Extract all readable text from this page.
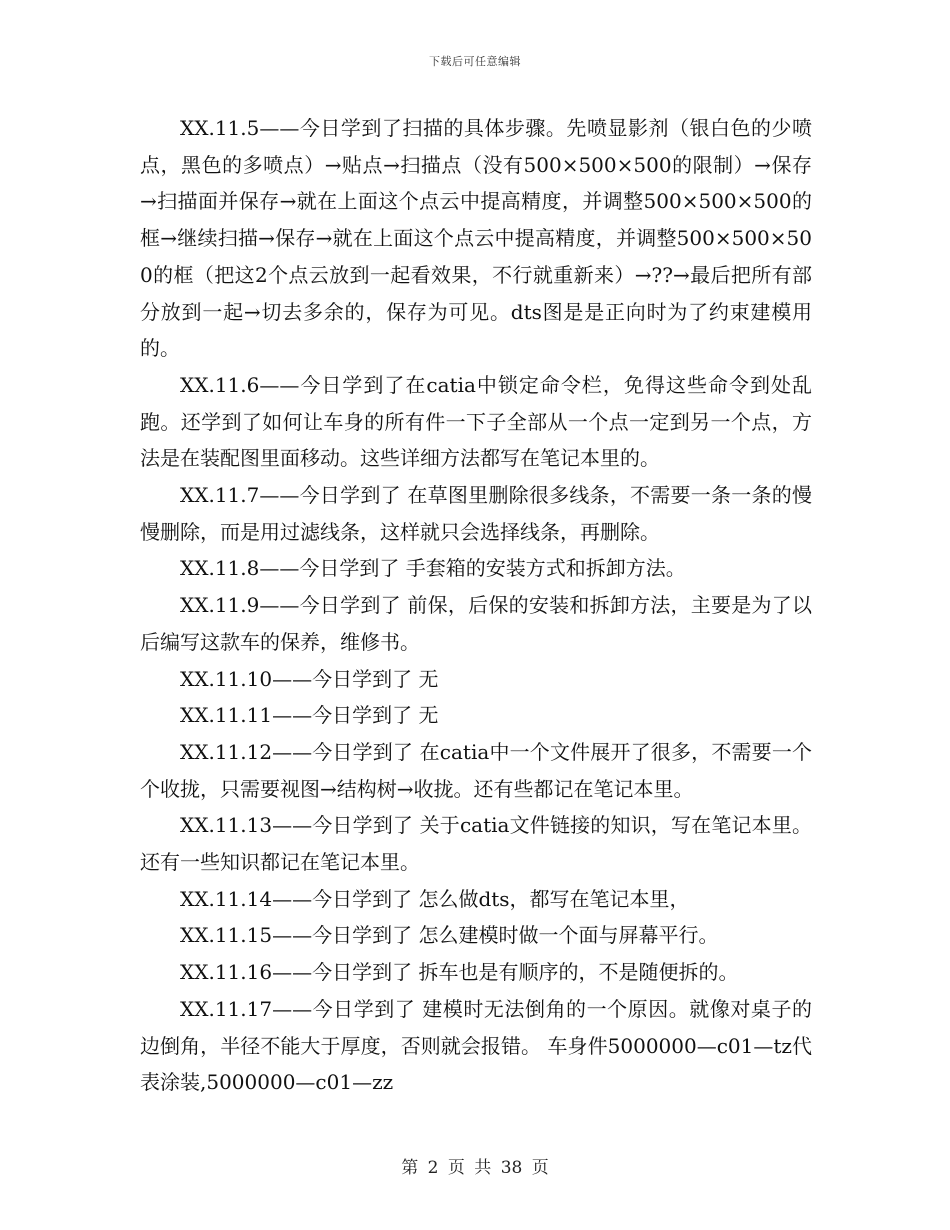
下载后可任意编辑

XX.11.5——今日学到了扫描的具体步骤。先喷显影剂（银白色的少喷点，黑色的多喷点）→贴点→扫描点（没有500×500×500的限制）→保存→扫描面并保存→就在上面这个点云中提高精度，并调整500×500×500的框→继续扫描→保存→就在上面这个点云中提高精度，并调整500×500×500的框（把这2个点云放到一起看效果，不行就重新来）→??→最后把所有部分放到一起→切去多余的，保存为可见。dts图是是正向时为了约束建模用的。

XX.11.6——今日学到了在catia中锁定命令栏，免得这些命令到处乱跑。还学到了如何让车身的所有件一下子全部从一个点一定到另一个点，方法是在装配图里面移动。这些详细方法都写在笔记本里的。

XX.11.7——今日学到了 在草图里删除很多线条，不需要一条一条的慢慢删除，而是用过滤线条，这样就只会选择线条，再删除。

XX.11.8——今日学到了 手套箱的安装方式和拆卸方法。

XX.11.9——今日学到了 前保，后保的安装和拆卸方法，主要是为了以后编写这款车的保养，维修书。

XX.11.10——今日学到了 无

XX.11.11——今日学到了 无

XX.11.12——今日学到了 在catia中一个文件展开了很多，不需要一个个收拢，只需要视图→结构树→收拢。还有些都记在笔记本里。

XX.11.13——今日学到了 关于catia文件链接的知识，写在笔记本里。还有一些知识都记在笔记本里。

XX.11.14——今日学到了 怎么做dts，都写在笔记本里，

XX.11.15——今日学到了 怎么建模时做一个面与屏幕平行。

XX.11.16——今日学到了 拆车也是有顺序的，不是随便拆的。

XX.11.17——今日学到了 建模时无法倒角的一个原因。就像对桌子的边倒角，半径不能大于厚度，否则就会报错。 车身件5000000—c01—tz代表涂装,5000000—c01—zz

第 2 页 共 38 页
